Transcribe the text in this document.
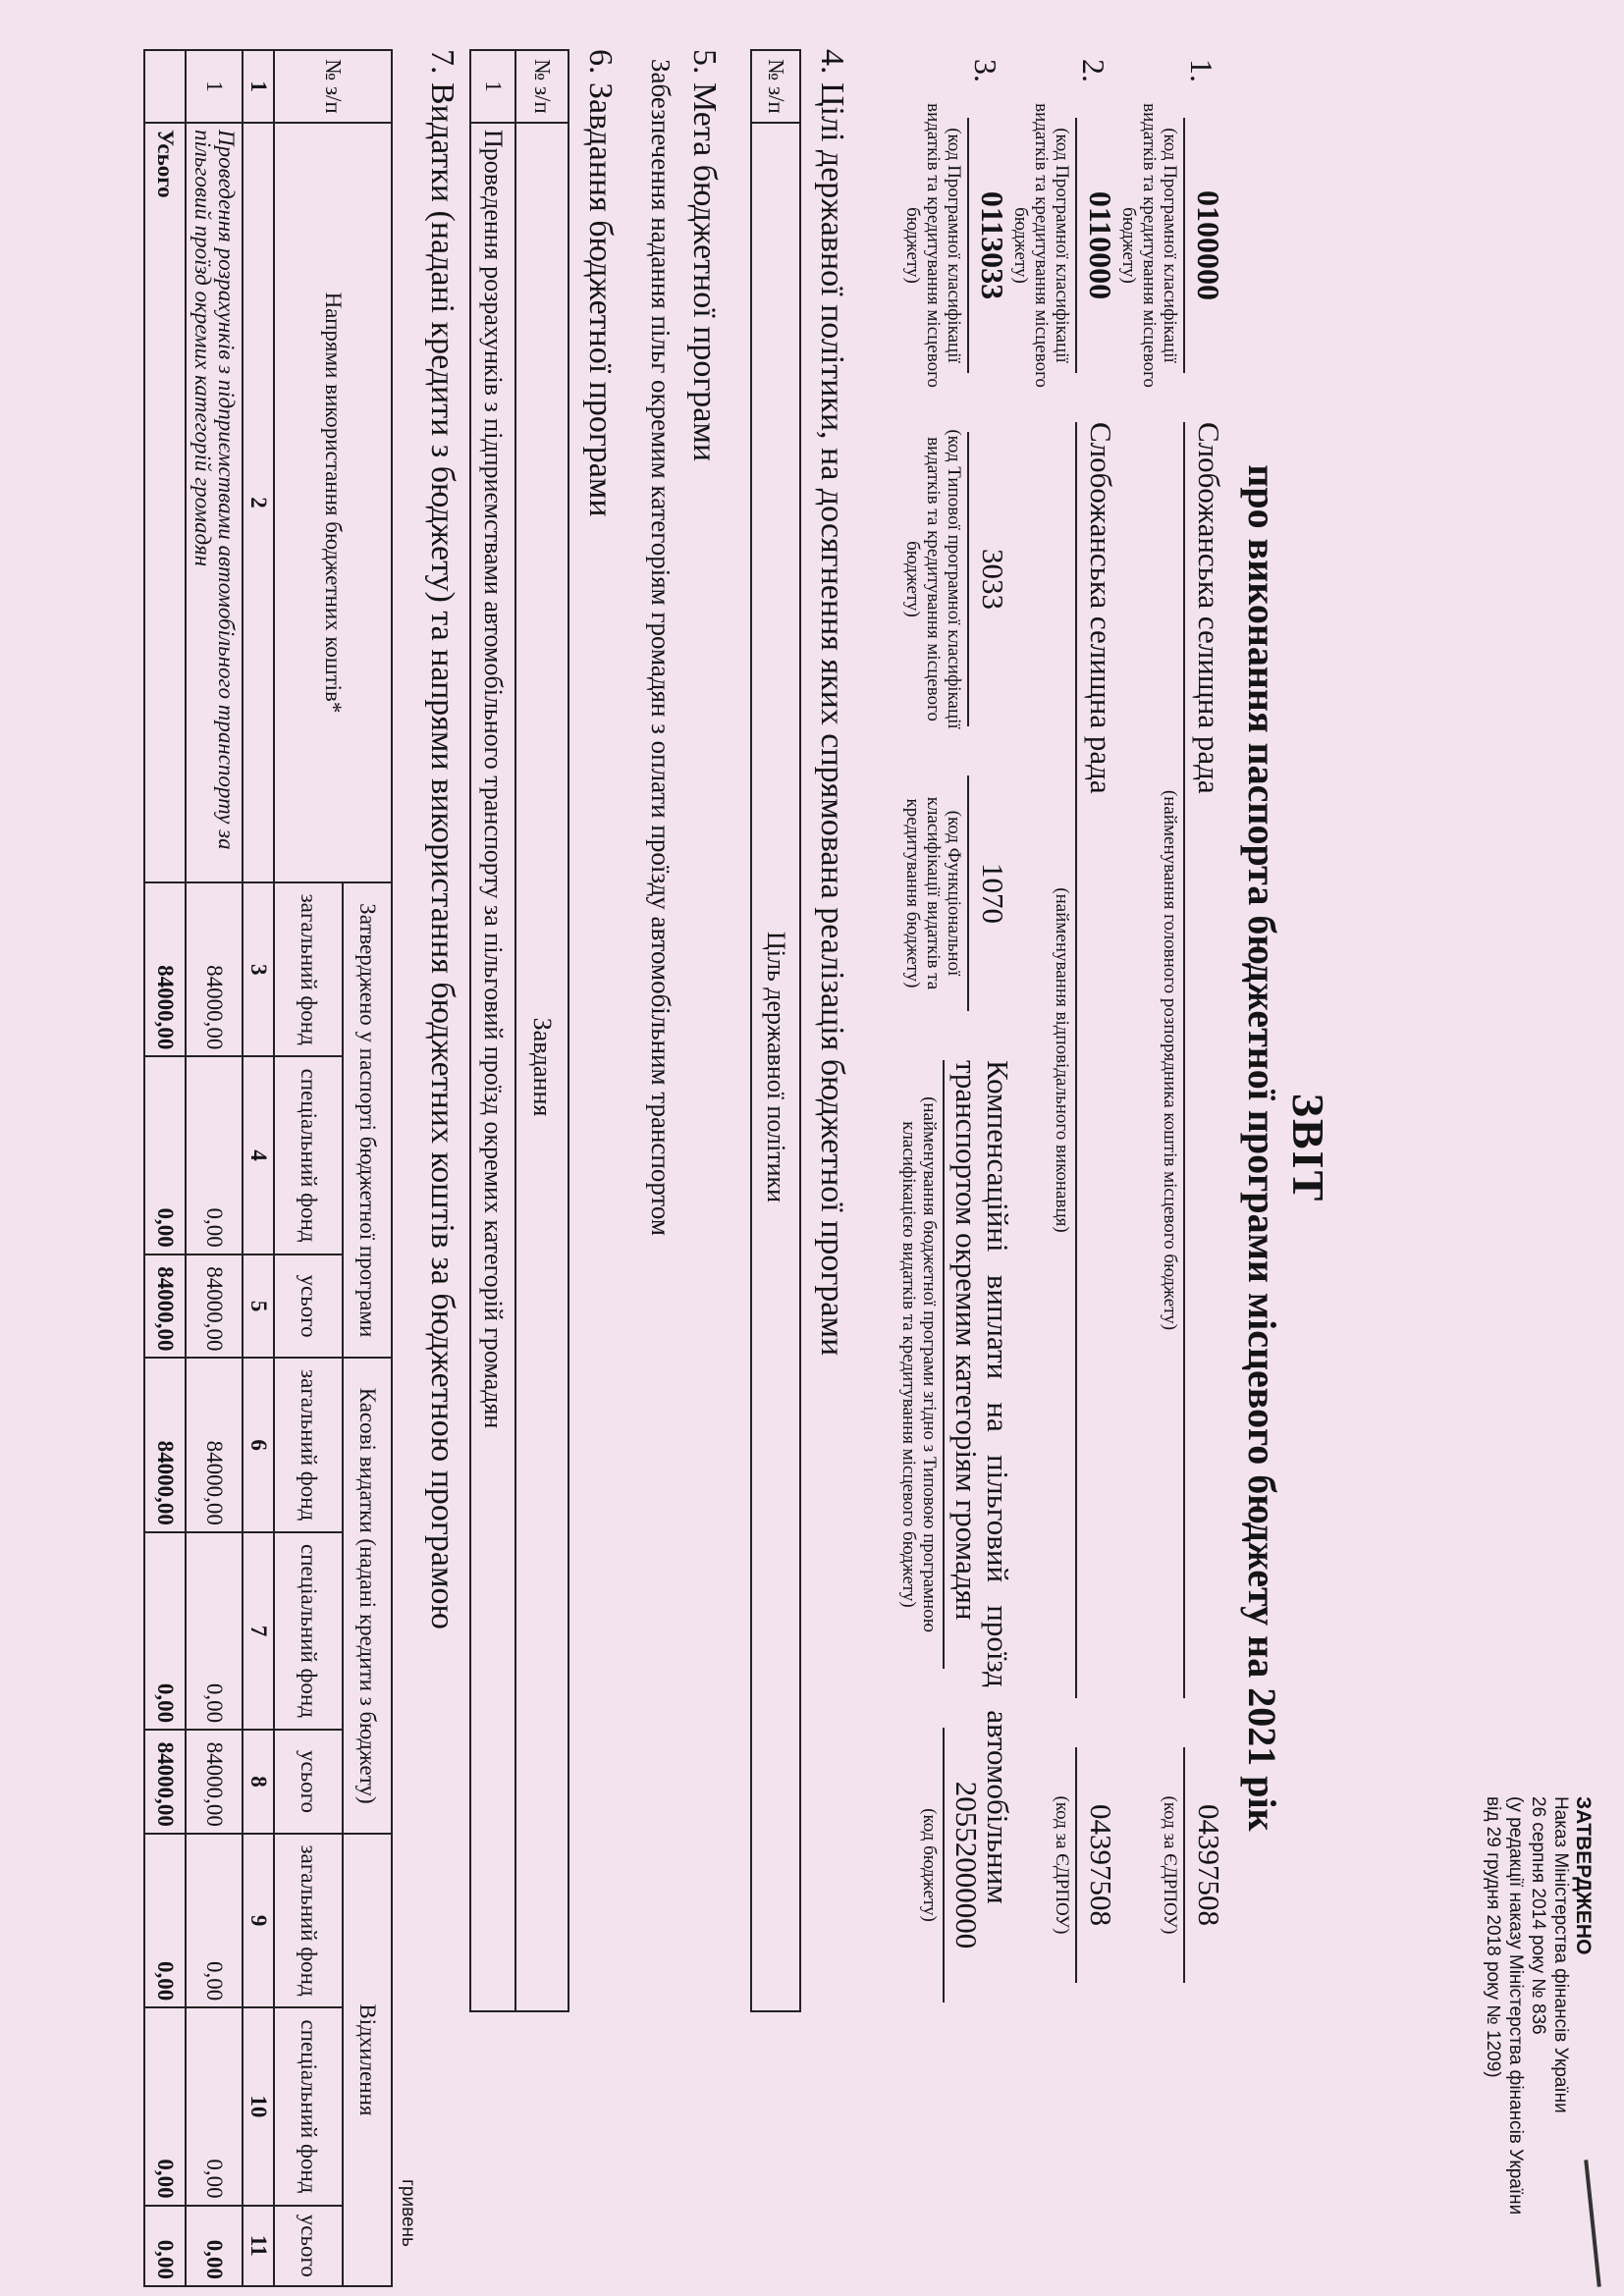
ЗАТВЕРДЖЕНО
Наказ Міністерства фінансів України
26 серпня 2014 року № 836
(у редакції наказу Міністерства фінансів України
від 29 грудня 2018 року № 1209)
ЗВІТ
про виконання паспорта бюджетної програми місцевого бюджету на 2021 рік
1.
0100000
(код Програмної класифікації видатків та кредитування місцевого бюджету)
Слобожанська селищна рада
(найменування головного розпорядника коштів місцевого бюджету)
04397508
(код за ЄДРПОУ)
2.
0110000
(код Програмної класифікації видатків та кредитування місцевого бюджету)
Слобожанська селищна рада
(найменування відповідального виконавця)
04397508
(код за ЄДРПОУ)
3.
0113033
(код Програмної класифікації видатків та кредитування місцевого бюджету)
3033
(код Типової програмної класифікації видатків та кредитування місцевого бюджету)
1070
(код Функціональної класифікації видатків та кредитування бюджету)
Компенсаційні   виплати   на   пільговий   проїзд   автомобільним
транспортом окремим категоріям громадян
(найменування бюджетної програми згідно з Типовою програмною класифікацією видатків та кредитування місцевого бюджету)
20552000000
(код бюджету)
4. Цілі державної політики, на досягнення яких спрямована реалізація бюджетної програми
№ з/п	Ціль державної політики
5. Мета бюджетної програми
Забезпечення надання пільг окремим категоріям громадян з оплати проїзду автомобільним транспортом
6. Завдання бюджетної програми
№ з/п	Завдання
1	Проведення розрахунків з підприємствами автомобільного транспорту за пільговий проїзд окремих категорій громадян
7. Видатки (надані кредити з бюджету) та напрями використання бюджетних коштів за бюджетною програмою
гривень
№ з/п	Напрями використання бюджетних коштів*	Затверджено у паспорті бюджетної програми			Касові видатки (надані кредити з бюджету)			Відхилення		
		загальний фонд	спеціальний фонд	усього	загальний фонд	спеціальний фонд	усього	загальний фонд	спеціальний фонд	усього
1	2	3	4	5	6	7	8	9	10	11
1	Проведення розрахунків з підприємствами автомобільного транспорту за пільговий проїзд окремих категорій громадян	84000,00	0,00	84000,00	84000,00	0,00	84000,00	0,00	0,00	0,00
	Усього	84000,00	0,00	84000,00	84000,00	0,00	84000,00	0,00	0,00	0,00
